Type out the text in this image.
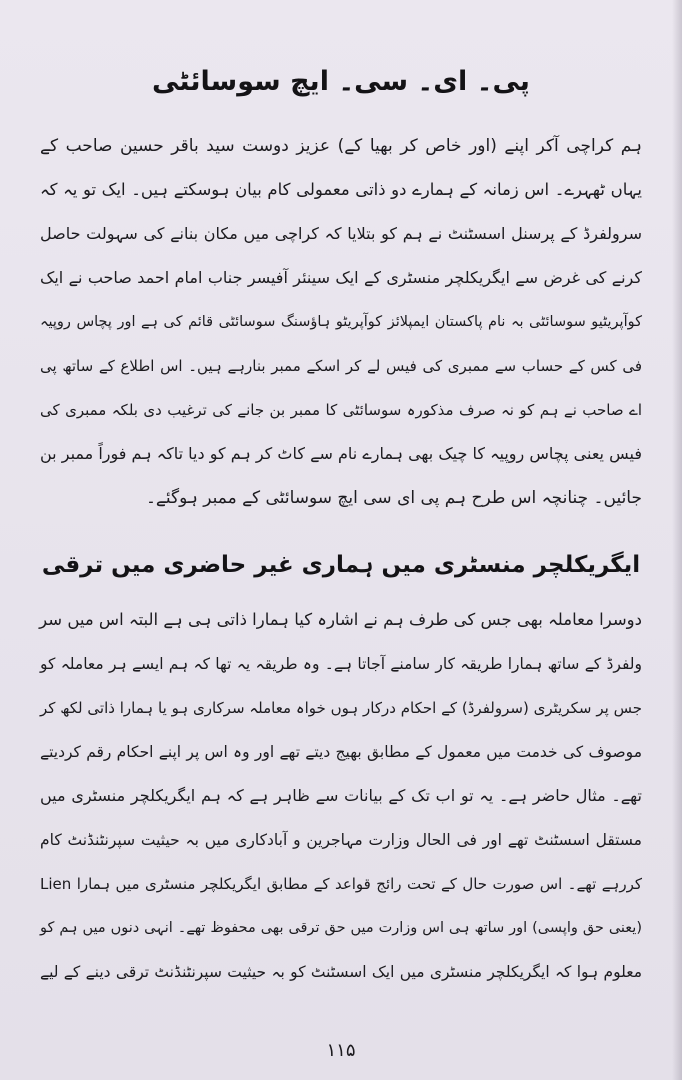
پی۔ ای۔ سی۔ ایچ سوسائٹی
ہم کراچی آکر اپنے (اور خاص کر بھیا کے) عزیز دوست سید باقر حسین صاحب کے
یہاں ٹھہرے۔ اس زمانہ کے ہمارے دو ذاتی معمولی کام بیان ہوسکتے ہیں۔ ایک تو یہ کہ
سرولفرڈ کے پرسنل اسسٹنٹ نے ہم کو بتلایا کہ کراچی میں مکان بنانے کی سہولت حاصل
کرنے کی غرض سے ایگریکلچر منسٹری کے ایک سینئر آفیسر جناب امام احمد صاحب نے ایک
کوآپریٹیو سوسائٹی بہ نام پاکستان ایمپلائز کوآپریٹو ہاؤسنگ سوسائٹی قائم کی ہے اور پچاس روپیہ
فی کس کے حساب سے ممبری کی فیس لے کر اسکے ممبر بنارہے ہیں۔ اس اطلاع کے ساتھ پی
اے صاحب نے ہم کو نہ صرف مذکورہ سوسائٹی کا ممبر بن جانے کی ترغیب دی بلکہ ممبری کی
فیس یعنی پچاس روپیہ کا چیک بھی ہمارے نام سے کاٹ کر ہم کو دیا تاکہ ہم فوراً ممبر بن
جائیں۔ چنانچہ اس طرح ہم پی ای سی ایچ سوسائٹی کے ممبر ہوگئے۔
ایگریکلچر منسٹری میں ہماری غیر حاضری میں ترقی
دوسرا معاملہ بھی جس کی طرف ہم نے اشارہ کیا ہمارا ذاتی ہی ہے البتہ اس میں سر
ولفرڈ کے ساتھ ہمارا طریقہ کار سامنے آجاتا ہے۔ وہ طریقہ یہ تھا کہ ہم ایسے ہر معاملہ کو
جس پر سکریٹری (سرولفرڈ) کے احکام درکار ہوں خواہ معاملہ سرکاری ہو یا ہمارا ذاتی لکھ کر
موصوف کی خدمت میں معمول کے مطابق بھیج دیتے تھے اور وہ اس پر اپنے احکام رقم کردیتے
تھے۔ مثال حاضر ہے۔ یہ تو اب تک کے بیانات سے ظاہر ہے کہ ہم ایگریکلچر منسٹری میں
مستقل اسسٹنٹ تھے اور فی الحال وزارت مہاجرین و آبادکاری میں بہ حیثیت سپرنٹنڈنٹ کام
کررہے تھے۔ اس صورت حال کے تحت رائج قواعد کے مطابق ایگریکلچر منسٹری میں ہمارا Lien
(یعنی حق واپسی) اور ساتھ ہی اس وزارت میں حق ترقی بھی محفوظ تھے۔ انہی دنوں میں ہم کو
معلوم ہوا کہ ایگریکلچر منسٹری میں ایک اسسٹنٹ کو بہ حیثیت سپرنٹنڈنٹ ترقی دینے کے لیے
۱۱۵
